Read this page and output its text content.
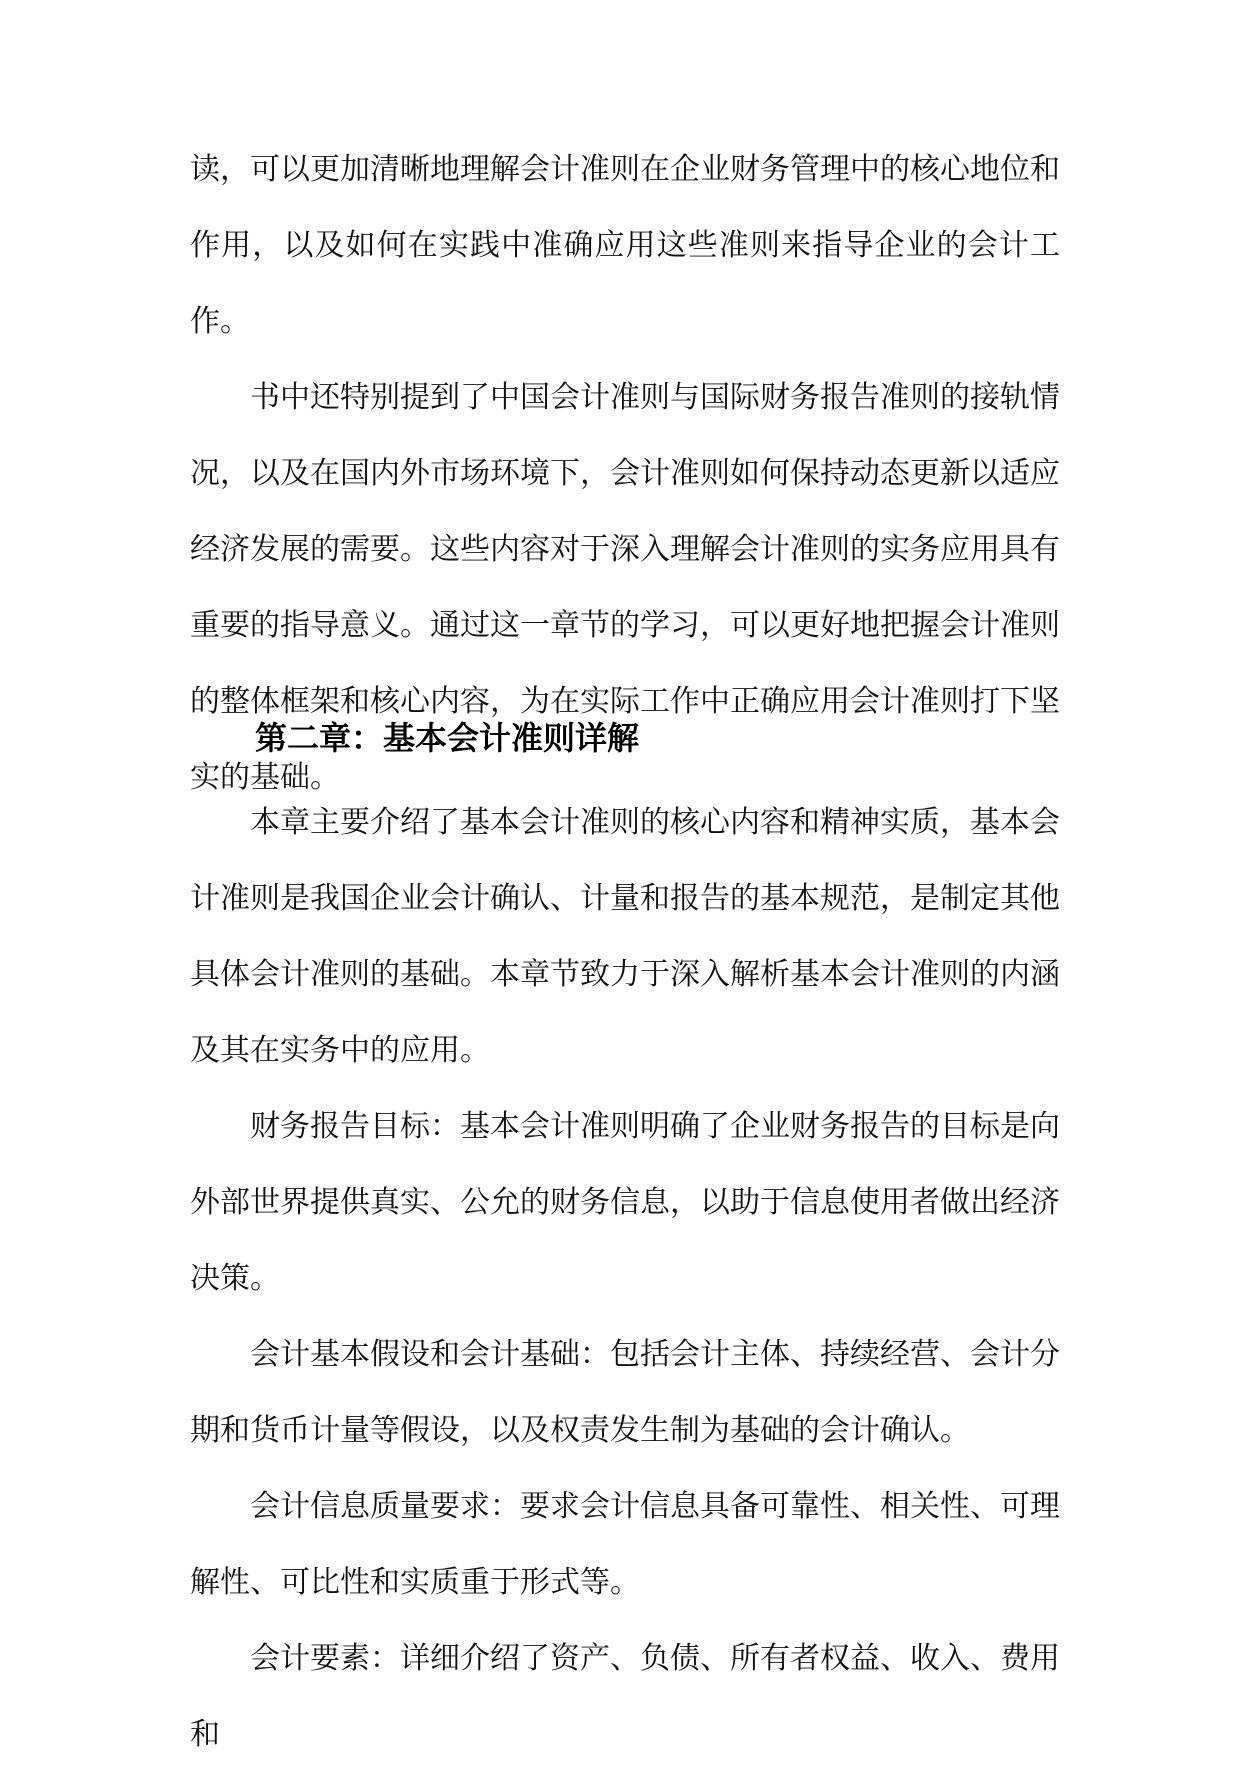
读，可以更加清晰地理解会计准则在企业财务管理中的核心地位和作用，以及如何在实践中准确应用这些准则来指导企业的会计工作。

书中还特别提到了中国会计准则与国际财务报告准则的接轨情况，以及在国内外市场环境下，会计准则如何保持动态更新以适应经济发展的需要。这些内容对于深入理解会计准则的实务应用具有重要的指导意义。通过这一章节的学习，可以更好地把握会计准则的整体框架和核心内容，为在实际工作中正确应用会计准则打下坚实的基础。

第二章：基本会计准则详解

本章主要介绍了基本会计准则的核心内容和精神实质，基本会计准则是我国企业会计确认、计量和报告的基本规范，是制定其他具体会计准则的基础。本章节致力于深入解析基本会计准则的内涵及其在实务中的应用。

财务报告目标：基本会计准则明确了企业财务报告的目标是向外部世界提供真实、公允的财务信息，以助于信息使用者做出经济决策。

会计基本假设和会计基础：包括会计主体、持续经营、会计分期和货币计量等假设，以及权责发生制为基础的会计确认。

会计信息质量要求：要求会计信息具备可靠性、相关性、可理解性、可比性和实质重于形式等。

会计要素：详细介绍了资产、负债、所有者权益、收入、费用和
